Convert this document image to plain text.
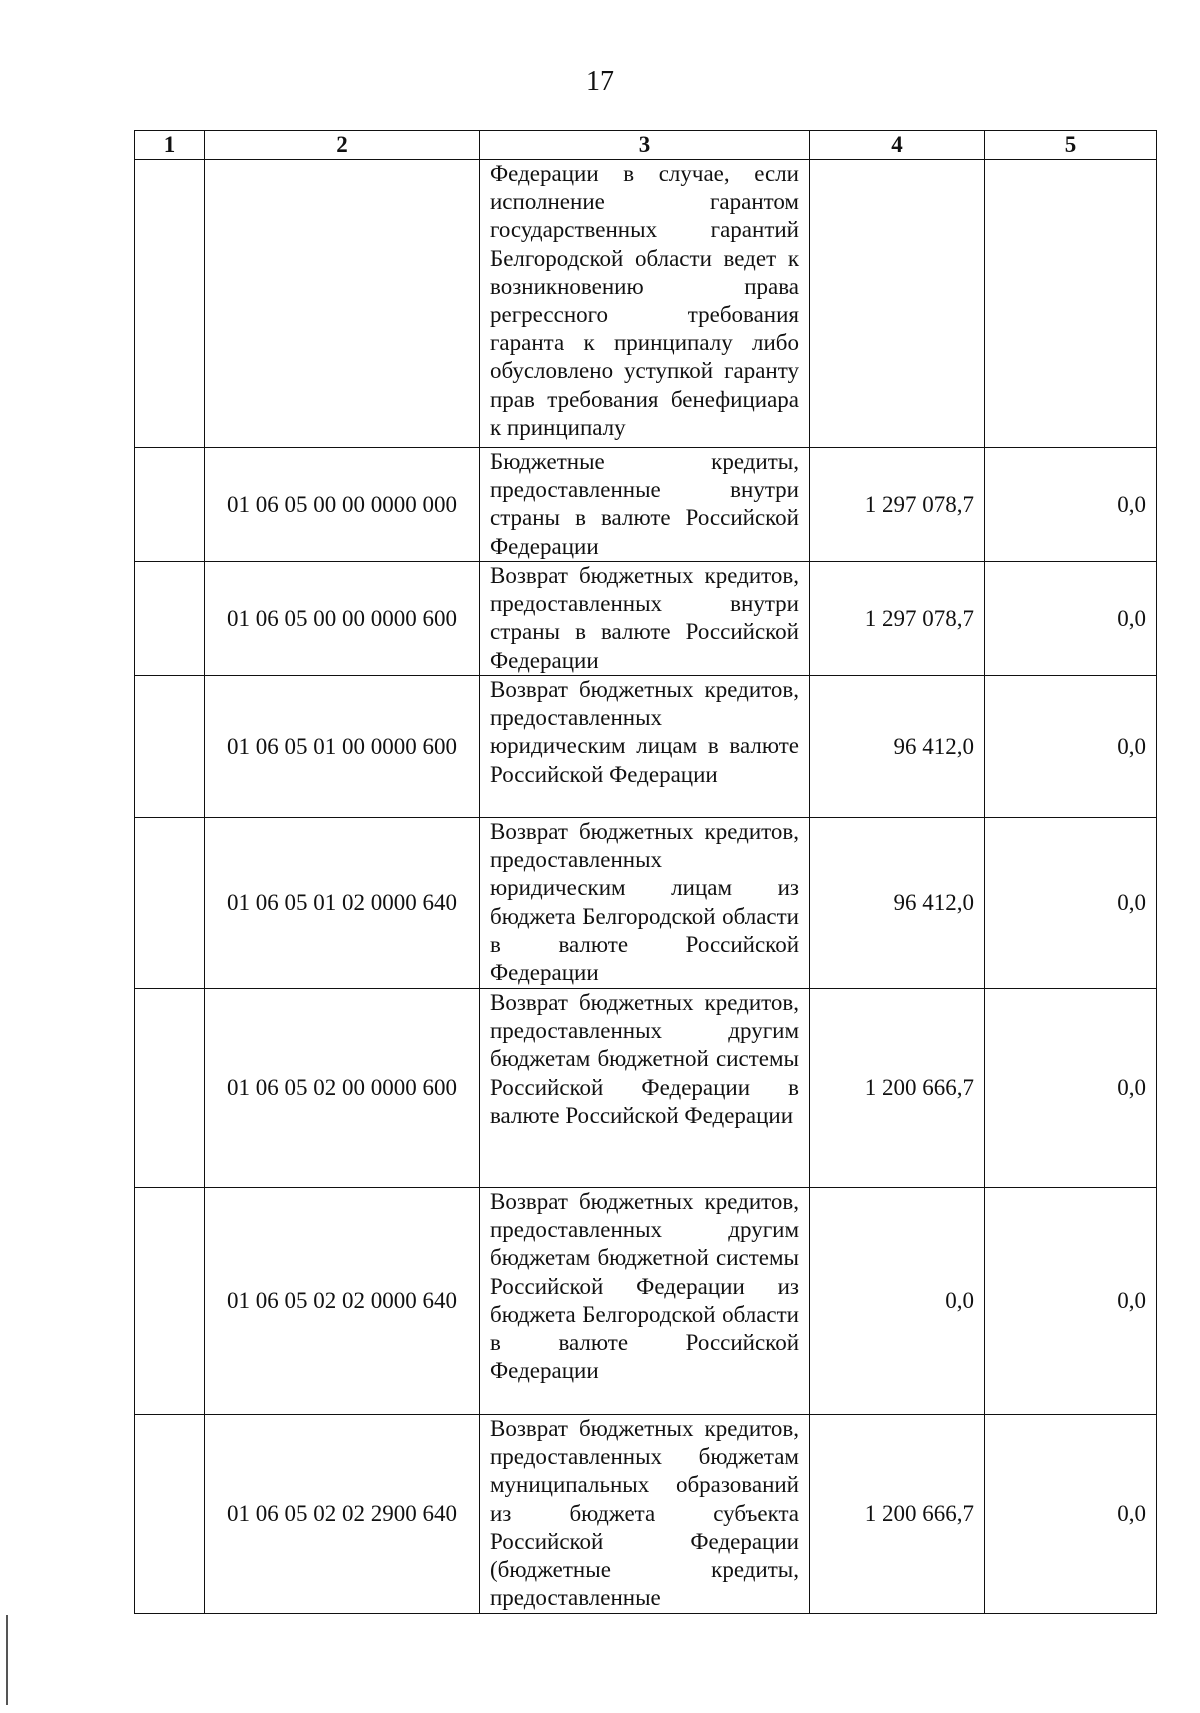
17
1	2	3	4	5

		Федерации в случае, если исполнение гарантом государственных гарантий Белгородской области ведет к возникновению права регрессного требования гаранта к принципалу либо обусловлено уступкой гаранту прав требования бенефициара к принципалу		

	01 06 05 00 00 0000 000	Бюджетные кредиты, предоставленные внутри страны в валюте Российской Федерации	1 297 078,7	0,0
	01 06 05 00 00 0000 600	Возврат бюджетных кредитов, предоставленных внутри страны в валюте Российской Федерации	1 297 078,7	0,0
	01 06 05 01 00 0000 600	Возврат бюджетных кредитов, предоставленных юридическим лицам в валюте Российской Федерации	96 412,0	0,0
	01 06 05 01 02 0000 640	Возврат бюджетных кредитов, предоставленных юридическим лицам из бюджета Белгородской области в валюте Российской Федерации	96 412,0	0,0
	01 06 05 02 00 0000 600	Возврат бюджетных кредитов, предоставленных другим бюджетам бюджетной системы Российской Федерации в валюте Российской Федерации	1 200 666,7	0,0
	01 06 05 02 02 0000 640	Возврат бюджетных кредитов, предоставленных другим бюджетам бюджетной системы Российской Федерации из бюджета Белгородской области в валюте Российской Федерации	0,0	0,0
	01 06 05 02 02 2900 640	Возврат бюджетных кредитов, предоставленных бюджетам муниципальных образований из бюджета субъекта Российской Федерации (бюджетные кредиты, предоставленные	1 200 666,7	0,0
